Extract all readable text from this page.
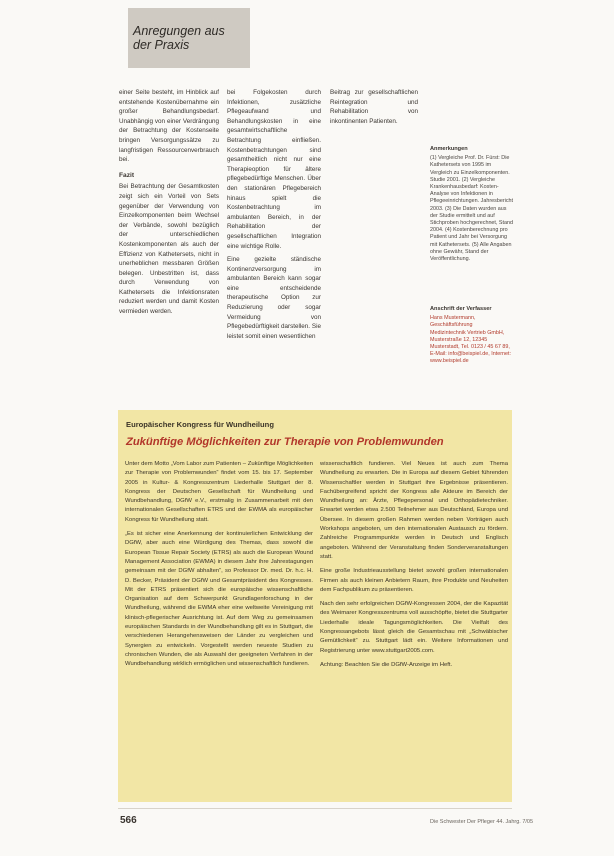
Anregungen aus
der Praxis

einer Seite besteht, im Hinblick auf entstehende Kostenübernahme ein großer Behandlungsbedarf. Unabhängig von einer Verdrängung der Betrachtung der Kostenseite bringen Versorgungssätze zu langfristigen Ressourcenverbrauch bei.

Fazit

Bei Betrachtung der Gesamtkosten zeigt sich ein Vorteil von Sets gegenüber der Verwendung von Einzelkomponenten beim Wechsel der Verbände, sowohl bezüglich der unterschiedlichen Kostenkomponenten als auch der Effizienz von Kathetersets, nicht in unerheblichen messbaren Größen belegen. Unbestritten ist, dass durch Verwendung von Kathetersets die Infektionsraten reduziert werden und damit Kosten vermieden werden.

bei Folgekosten durch Infektionen, zusätzliche Pflegeaufwand und Behandlungskosten in eine gesamtwirtschaftliche Betrachtung einfließen. Kostenbetrachtungen sind gesamtheitlich nicht nur eine Therapieoption für ältere pflegebedürftige Menschen. Über den stationären Pflegebereich hinaus spielt die Kostenbetrachtung im ambulanten Bereich, in der Rehabilitation der gesellschaftlichen Integration eine wichtige Rolle.

Eine gezielte ständische Kontinenzversorgung im ambulanten Bereich kann sogar eine entscheidende therapeutische Option zur Reduzierung oder sogar Vermeidung von Pflegebedürftigkeit darstellen. Sie leistet somit einen wesentlichen

Beitrag zur gesellschaftlichen Reintegration und Rehabilitation von inkontinenten Patienten.

Anmerkungen
(1) Vergleiche Prof. Dr. Fürst: Die Kathetersets von 1995 im Vergleich zu Einzelkomponenten. Studie 2001. (2) Vergleiche Krankenhausbedarf: Kosten-Analyse von Infektionen in Pflegeeinrichtungen. Jahresbericht 2003. (3) Die Daten wurden aus der Studie ermittelt und auf Stichproben hochgerechnet, Stand 2004. (4) Kostenberechnung pro Patient und Jahr bei Versorgung mit Kathetersets. (5) Alle Angaben ohne Gewähr, Stand der Veröffentlichung.
Anschrift der Verfasser
Hans Mustermann, Geschäftsführung
Medizintechnik Vertrieb GmbH, Musterstraße 12, 12345 Musterstadt, Tel. 0123 / 45 67 89, E-Mail: info@beispiel.de, Internet: www.beispiel.de
Europäischer Kongress für Wundheilung
Zukünftige Möglichkeiten zur Therapie von Problemwunden

Unter dem Motto „Vom Labor zum Patienten – Zukünftige Möglichkeiten zur Therapie von Problemwunden“ findet vom 15. bis 17. September 2005 in Kultur- & Kongresszentrum Liederhalle Stuttgart der 8. Kongress der Deutschen Gesellschaft für Wundheilung und Wundbehandlung, DGfW e.V., erstmalig in Zusammenarbeit mit den internationalen Gesellschaften ETRS und der EWMA als europäischer Kongress für Wundheilung statt.

„Es ist sicher eine Anerkennung der kontinuierlichen Entwicklung der DGfW, aber auch eine Würdigung des Themas, dass sowohl die European Tissue Repair Society (ETRS) als auch die European Wound Management Association (EWMA) in diesem Jahr ihre Jahrestagungen gemeinsam mit der DGfW abhalten“, so Professor Dr. med. Dr. h.c. H. D. Becker, Präsident der DGfW und Gesamtpräsident des Kongresses. Mit der ETRS präsentiert sich die europäische wissenschaftliche Organisation auf dem Schwerpunkt Grundlagenforschung in der Wundheilung, während die EWMA eher eine weltweite Vereinigung mit klinisch-pflegerischer Ausrichtung ist. Auf dem Weg zu gemeinsamen europäischen Standards in der Wundbehandlung gilt es in Stuttgart, die verschiedenen Herangehensweisen der Länder zu vergleichen und Synergien zu entwickeln. Vorgestellt werden neueste Studien zu chronischen Wunden, die als Auswahl der geeigneten Verfahren in der Wundbehandlung wirklich ermöglichen und wissenschaftlich fundieren.

wissenschaftlich fundieren. Viel Neues ist auch zum Thema Wundheilung zu erwarten. Die in Europa auf diesem Gebiet führenden Wissenschaftler werden in Stuttgart ihre Ergebnisse präsentieren. Fachübergreifend spricht der Kongress alle Akteure im Bereich der Wundheilung an: Ärzte, Pflegepersonal und Orthopädietechniker. Erwartet werden etwa 2.500 Teilnehmer aus Deutschland, Europa und Übersee. In diesem großen Rahmen werden neben Vorträgen auch Workshops angeboten, um den internationalen Austausch zu fördern. Zahlreiche Programmpunkte werden in Deutsch und Englisch angeboten. Während der Veranstaltung finden Sonderveranstaltungen statt.

Eine große Industrieausstellung bietet sowohl großen internationalen Firmen als auch kleinen Anbietern Raum, ihre Produkte und Neuheiten dem Fachpublikum zu präsentieren.

Nach den sehr erfolgreichen DGfW-Kongressen 2004, der die Kapazität des Weimarer Kongresszentrums voll ausschöpfte, bietet die Stuttgarter Liederhalle ideale Tagungsmöglichkeiten. Die Vielfalt des Kongressangebots lässt gleich die Gesamtschau mit „Schwäbischer Gemütlichkeit“ zu. Stuttgart lädt ein. Weitere Informationen und Registrierung unter www.stuttgart2005.com.

Achtung: Beachten Sie die DGfW-Anzeige im Heft.

566	Die Schwester Der Pfleger 44. Jahrg. 7/05
